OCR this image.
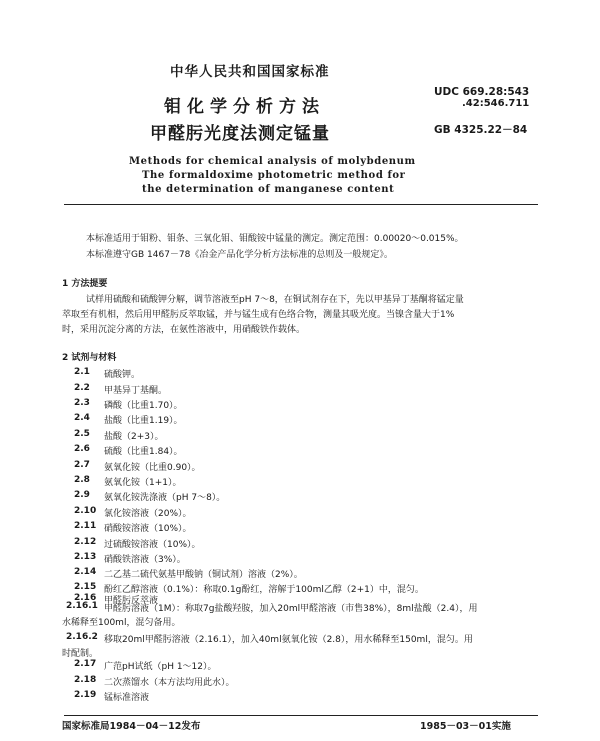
中华人民共和国国家标准
钼化学分析方法
甲醛肟光度法测定锰量
UDC 669.28:543
.42:546.711
GB 4325.22－84
Methods for chemical analysis of molybdenum
The formaldoxime photometric method for
the determination of manganese content
本标准适用于钼粉、钼条、三氧化钼、钼酸铵中锰量的测定。测定范围：0.00020～0.015%。
本标准遵守GB 1467－78《冶金产品化学分析方法标准的总则及一般规定》。
1 方法提要
试样用硫酸和硫酸钾分解，调节溶液至pH 7～8，在铜试剂存在下，先以甲基异丁基酮将锰定量
萃取至有机相，然后用甲醛肟反萃取锰，并与锰生成有色络合物，测量其吸光度。当镍含量大于1%
时，采用沉淀分离的方法，在氨性溶液中，用硝酸铁作载体。
2 试剂与材料
2.1 硫酸钾。
2.2 甲基异丁基酮。
2.3 磷酸（比重1.70）。
2.4 盐酸（比重1.19）。
2.5 盐酸（2+3）。
2.6 硫酸（比重1.84）。
2.7 氨氧化铵（比重0.90）。
2.8 氨氧化铵（1+1）。
2.9 氨氧化铵洗涤液（pH 7～8）。
2.10 氯化铵溶液（20%）。
2.11 硝酸铵溶液（10%）。
2.12 过硫酸铵溶液（10%）。
2.13 硝酸铁溶液（3%）。
2.14 二乙基二硫代氨基甲酸钠（铜试剂）溶液（2%）。
2.15 酚红乙醇溶液（0.1%）：称取0.1g酚红，溶解于100ml乙醇（2+1）中，混匀。
2.16 甲醛肟反萃液
2.16.1 甲醛肟溶液（1M）：称取7g盐酸羟胺，加入20ml甲醛溶液（市售38%），8ml盐酸（2.4），用
水稀释至100ml，混匀备用。
2.16.2 移取20ml甲醛肟溶液（2.16.1），加入40ml氨氧化铵（2.8），用水稀释至150ml，混匀。用
时配制。
2.17 广范pH试纸（pH 1～12）。
2.18 二次蒸馏水（本方法均用此水）。
2.19 锰标准溶液
国家标准局1984－04－12发布	1985－03－01实施
